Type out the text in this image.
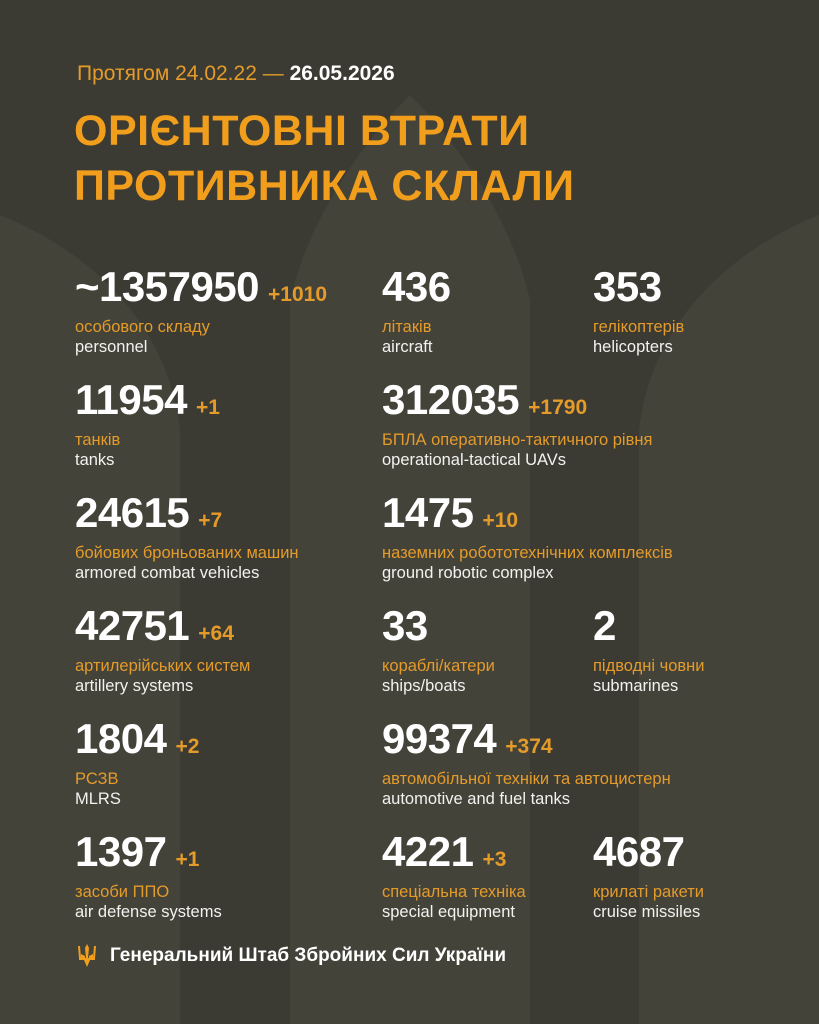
Протягом 24.02.22 — 26.05.2026
ОРІЄНТОВНІ ВТРАТИ
ПРОТИВНИКА СКЛАЛИ
~1357950 +1010
особового складу
personnel
436
літаків
aircraft
353
гелікоптерів
helicopters
11954 +1
танків
tanks
312035 +1790
БПЛА оперативно-тактичного рівня
operational-tactical UAVs
24615 +7
бойових броньованих машин
armored combat vehicles
1475 +10
наземних робототехнічних комплексів
ground robotic complex
42751 +64
артилерійських систем
artillery systems
33
кораблі/катери
ships/boats
2
підводні човни
submarines
1804 +2
РСЗВ
MLRS
99374 +374
автомобільної техніки та автоцистерн
automotive and fuel tanks
1397 +1
засоби ППО
air defense systems
4221 +3
спеціальна техніка
special equipment
4687
крилаті ракети
cruise missiles
Генеральний Штаб Збройних Сил України
